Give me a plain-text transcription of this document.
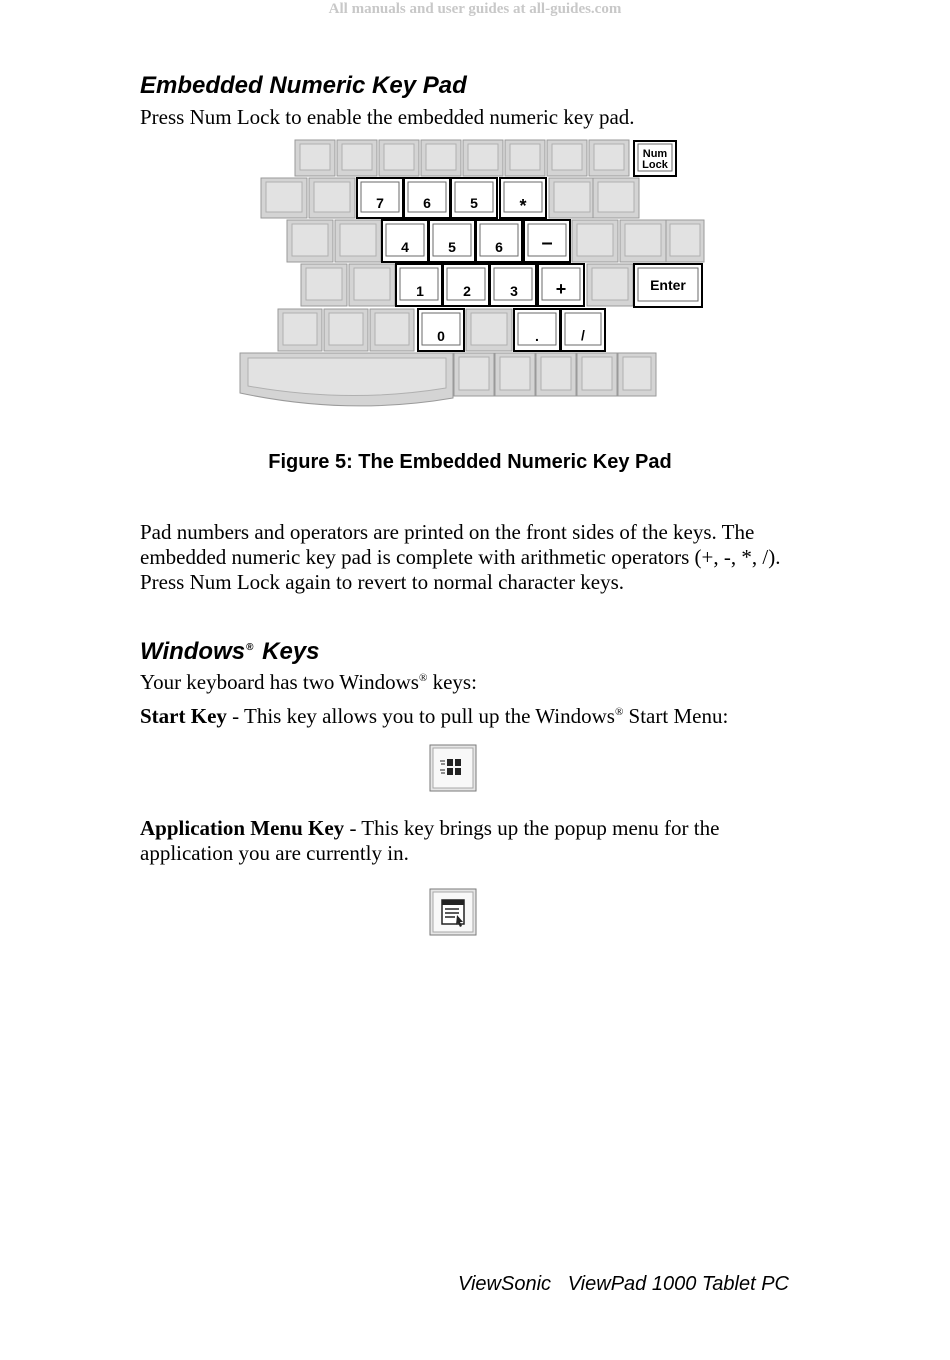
All manuals and user guides at all-guides.com
Embedded Numeric Key Pad

Press Num Lock to enable the embedded numeric key pad.

Num
Lock
7	6	5 *
4	5	6 –
1	2	3 +	Enter
0	.	/

Figure 5: The Embedded Numeric Key Pad

Pad numbers and operators are printed on the front sides of the keys. The
embedded numeric key pad is complete with arithmetic operators (+, -, *, /).
Press Num Lock again to revert to normal character keys.

Windows® Keys

Your keyboard has two Windows® keys:

Start Key - This key allows you to pull up the Windows® Start Menu:

Application Menu Key - This key brings up the popup menu for the
application you are currently in.

ViewSonic ViewPad 1000 Tablet PC
